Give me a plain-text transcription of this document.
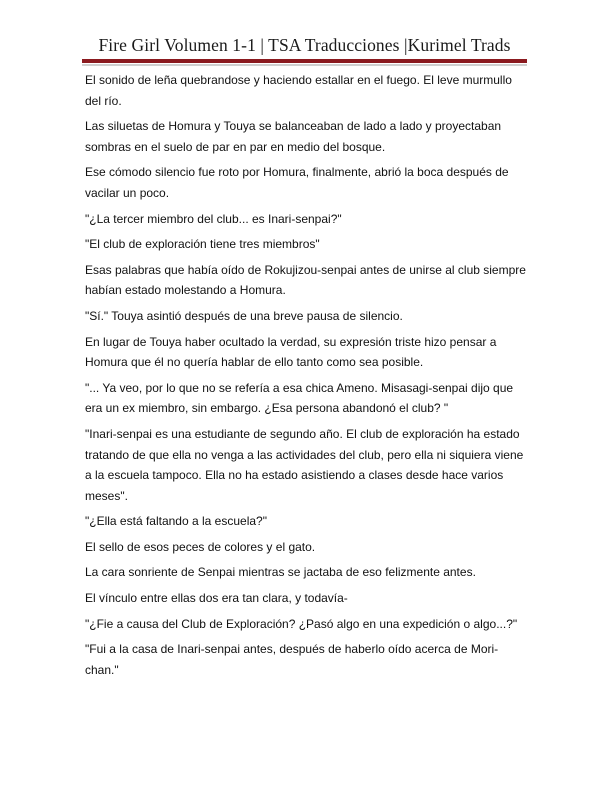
Fire Girl Volumen 1-1 | TSA Traducciones |Kurimel Trads

El sonido de leña quebrandose y haciendo estallar en el fuego. El leve murmullo
del río.

Las siluetas de Homura y Touya se balanceaban de lado a lado y proyectaban
sombras en el suelo de par en par en medio del bosque.

Ese cómodo silencio fue roto por Homura, finalmente, abrió la boca después de
vacilar un poco.

"¿La tercer miembro del club... es Inari-senpai?"

"El club de exploración tiene tres miembros"

Esas palabras que había oído de Rokujizou-senpai antes de unirse al club siempre
habían estado molestando a Homura.

"Sí." Touya asintió después de una breve pausa de silencio.

En lugar de Touya haber ocultado la verdad, su expresión triste hizo pensar a
Homura que él no quería hablar de ello tanto como sea posible.

"... Ya veo, por lo que no se refería a esa chica Ameno. Misasagi-senpai dijo que
era un ex miembro, sin embargo. ¿Esa persona abandonó el club? "

"Inari-senpai es una estudiante de segundo año. El club de exploración ha estado
tratando de que ella no venga a las actividades del club, pero ella ni siquiera viene
a la escuela tampoco. Ella no ha estado asistiendo a clases desde hace varios
meses".

"¿Ella está faltando a la escuela?"

El sello de esos peces de colores y el gato.

La cara sonriente de Senpai mientras se jactaba de eso felizmente antes.

El vínculo entre ellas dos era tan clara, y todavía-

"¿Fie a causa del Club de Exploración? ¿Pasó algo en una expedición o algo...?"

"Fui a la casa de Inari-senpai antes, después de haberlo oído acerca de Mori-
chan."
